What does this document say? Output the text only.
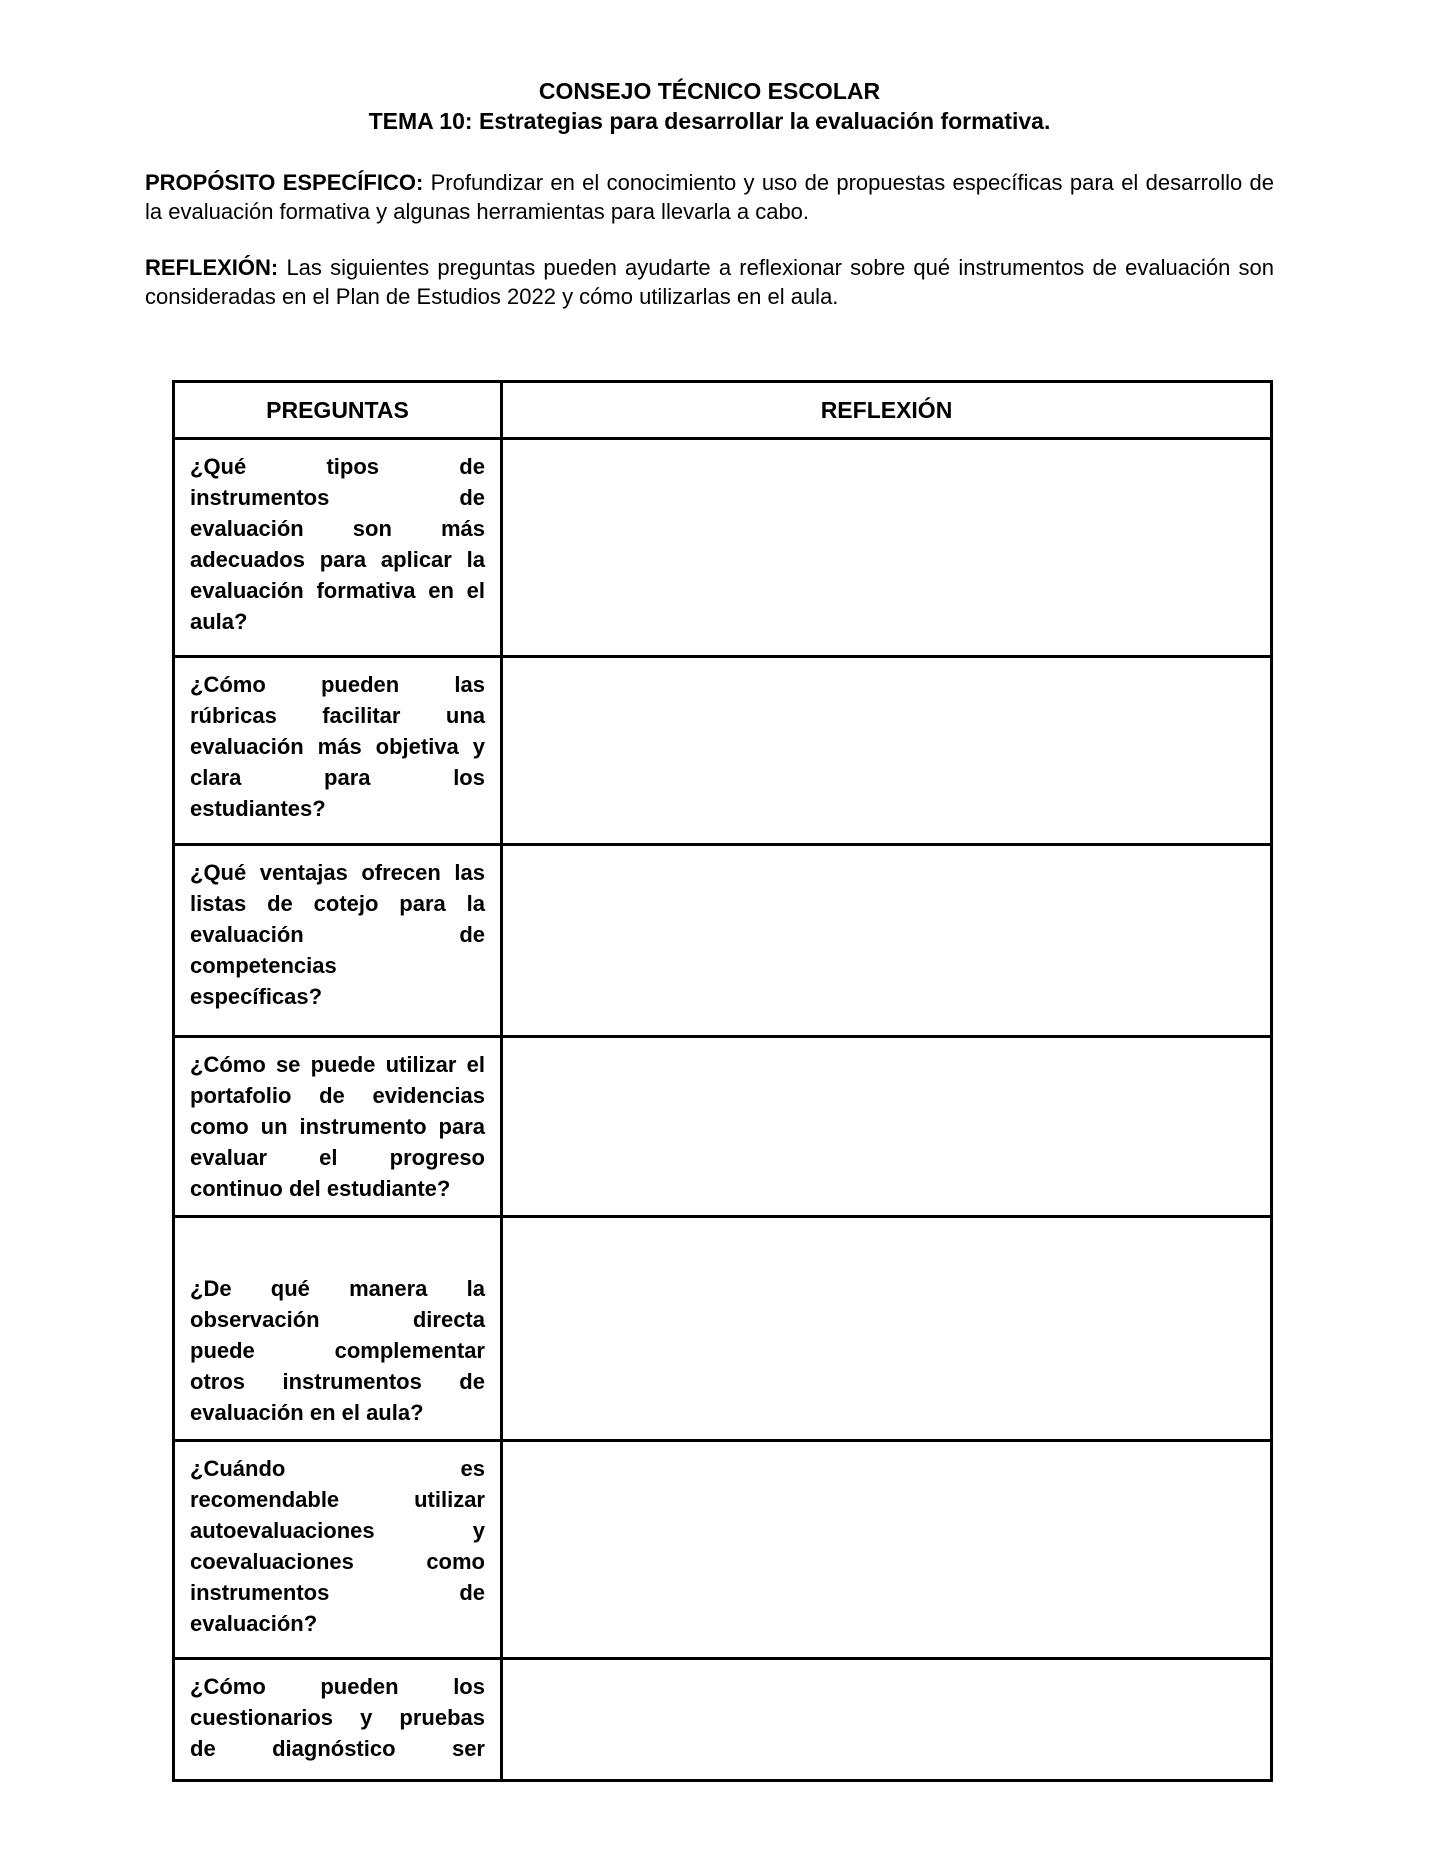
CONSEJO TÉCNICO ESCOLAR
TEMA 10: Estrategias para desarrollar la evaluación formativa.

PROPÓSITO ESPECÍFICO: Profundizar en el conocimiento y uso de propuestas específicas para el desarrollo de la evaluación formativa y algunas herramientas para llevarla a cabo.

REFLEXIÓN: Las siguientes preguntas pueden ayudarte a reflexionar sobre qué instrumentos de evaluación son consideradas en el Plan de Estudios 2022 y cómo utilizarlas en el aula.

PREGUNTAS	REFLEXIÓN

¿Qué	tipos	de
instrumentos	de
evaluación son más
adecuados para aplicar la
evaluación formativa en el
aula?

¿Cómo	pueden	las
rúbricas facilitar una
evaluación más objetiva y
clara	para	los
estudiantes?

¿Qué ventajas ofrecen las
listas de cotejo para la
evaluación	de
competencias
específicas?

¿Cómo se puede utilizar el
portafolio de evidencias
como un instrumento para
evaluar el progreso
continuo del estudiante?

¿De qué manera la
observación	directa
puede	complementar
otros instrumentos de
evaluación en el aula?

¿Cuándo	es
recomendable	utilizar
autoevaluaciones	y
coevaluaciones	como
instrumentos	de
evaluación?

¿Cómo pueden los
cuestionarios y pruebas
de	diagnóstico	ser
